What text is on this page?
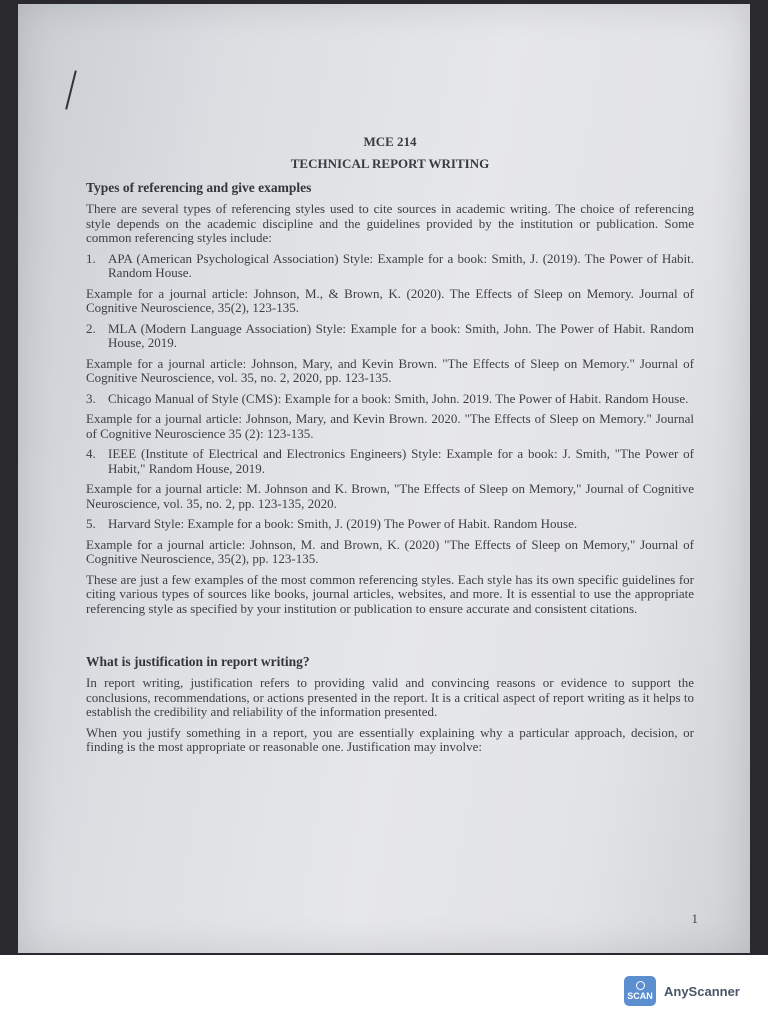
MCE 214
TECHNICAL REPORT WRITING
Types of referencing and give examples

There are several types of referencing styles used to cite sources in academic writing. The choice of referencing style depends on the academic discipline and the guidelines provided by the institution or publication. Some common referencing styles include:

1. APA (American Psychological Association) Style: Example for a book: Smith, J. (2019). The Power of Habit. Random House.

Example for a journal article: Johnson, M., & Brown, K. (2020). The Effects of Sleep on Memory. Journal of Cognitive Neuroscience, 35(2), 123-135.

2. MLA (Modern Language Association) Style: Example for a book: Smith, John. The Power of Habit. Random House, 2019.

Example for a journal article: Johnson, Mary, and Kevin Brown. "The Effects of Sleep on Memory." Journal of Cognitive Neuroscience, vol. 35, no. 2, 2020, pp. 123-135.

3. Chicago Manual of Style (CMS): Example for a book: Smith, John. 2019. The Power of Habit. Random House.

Example for a journal article: Johnson, Mary, and Kevin Brown. 2020. "The Effects of Sleep on Memory." Journal of Cognitive Neuroscience 35 (2): 123-135.

4. IEEE (Institute of Electrical and Electronics Engineers) Style: Example for a book: J. Smith, "The Power of Habit," Random House, 2019.

Example for a journal article: M. Johnson and K. Brown, "The Effects of Sleep on Memory," Journal of Cognitive Neuroscience, vol. 35, no. 2, pp. 123-135, 2020.

5. Harvard Style: Example for a book: Smith, J. (2019) The Power of Habit. Random House.

Example for a journal article: Johnson, M. and Brown, K. (2020) "The Effects of Sleep on Memory," Journal of Cognitive Neuroscience, 35(2), pp. 123-135.

These are just a few examples of the most common referencing styles. Each style has its own specific guidelines for citing various types of sources like books, journal articles, websites, and more. It is essential to use the appropriate referencing style as specified by your institution or publication to ensure accurate and consistent citations.

What is justification in report writing?

In report writing, justification refers to providing valid and convincing reasons or evidence to support the conclusions, recommendations, or actions presented in the report. It is a critical aspect of report writing as it helps to establish the credibility and reliability of the information presented.

When you justify something in a report, you are essentially explaining why a particular approach, decision, or finding is the most appropriate or reasonable one. Justification may involve:

1
SCAN AnyScanner
